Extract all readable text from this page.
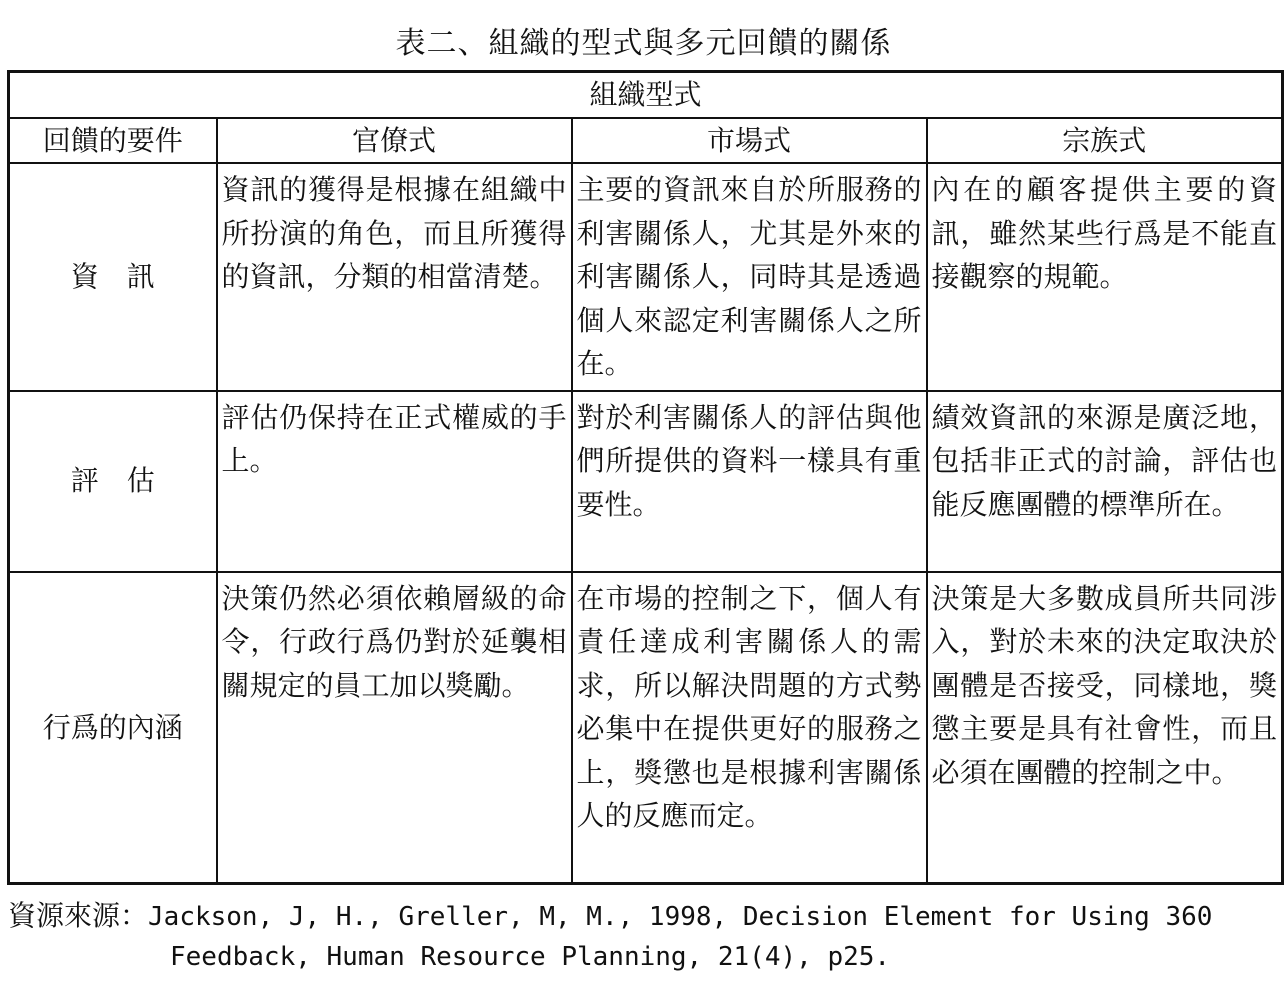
表二、組織的型式與多元回饋的關係
組織型式			
回饋的要件	官僚式	市場式	宗族式
資　訊	資訊的獲得是根據在組織中所扮演的角色，而且所獲得的資訊，分類的相當清楚。	主要的資訊來自於所服務的利害關係人，尤其是外來的利害關係人，同時其是透過個人來認定利害關係人之所在。	內在的顧客提供主要的資訊，雖然某些行爲是不能直接觀察的規範。
評　估	評估仍保持在正式權威的手上。	對於利害關係人的評估與他們所提供的資料一樣具有重要性。	績效資訊的來源是廣泛地，包括非正式的討論，評估也能反應團體的標準所在。
行爲的內涵	決策仍然必須依賴層級的命令，行政行爲仍對於延襲相關規定的員工加以獎勵。	在市場的控制之下，個人有責任達成利害關係人的需求，所以解決問題的方式勢必集中在提供更好的服務之上，獎懲也是根據利害關係人的反應而定。	決策是大多數成員所共同涉入，對於未來的決定取決於團體是否接受，同樣地，獎懲主要是具有社會性，而且必須在團體的控制之中。
資源來源：Jackson, J, H., Greller, M, M., 1998, Decision Element for Using 360
Feedback, Human Resource Planning, 21(4), p25.
